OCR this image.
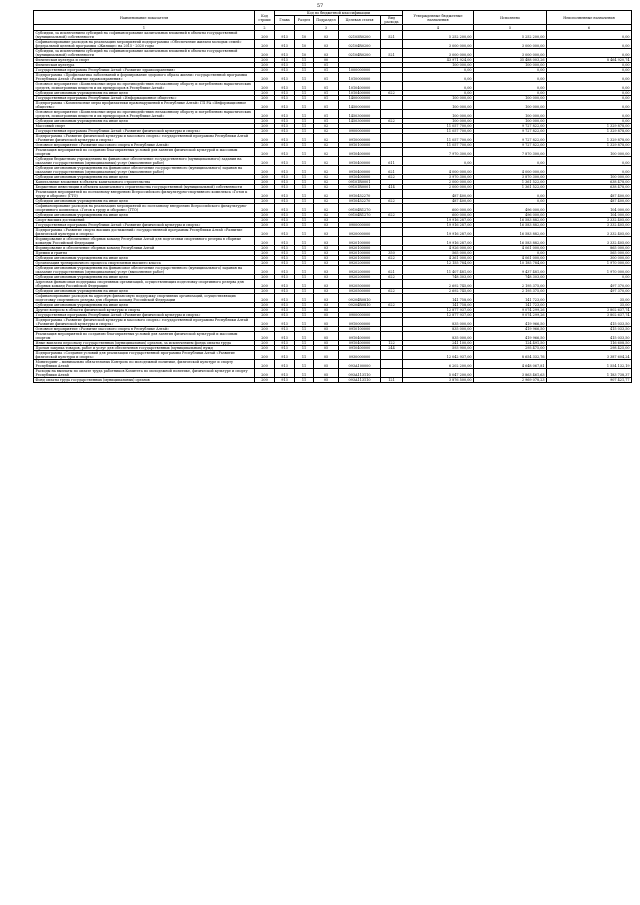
57
Наименование показателя	Код строки	Код по бюджетной классификации					Утвержденные бюджетные назначения	Исполнено	Неисполненные назначения
		Глава	Раздел	Подраздел	Целевая статья	Вид расхода			
1	2			3			4	5	6
Субсидии, за исключением субсидий на софинансирование капитальных вложений в объекты государственной (муниципальной) собственности	200	913	10	03	02105R0200	521	5 252 200,00	5 252 200,00	0,00
Софинансирование расходов на реализацию мероприятий подпрограммы «Обеспечение жильем молодых семей» федеральной целевой программы «Жилище» на 2015 - 2020 годы	200	913	10	03	02104R0200		3 000 000,00	3 000 000,00	0,00
Субсидии, за исключением субсидий на софинансирование капитальных вложений в объекты государственной (муниципальной) собственности	200	913	10	03	02104R0200	521	3 000 000,00	3 000 000,00	0,00
Физическая культура и спорт	200	913	11	00			43 971 924,00	35 488 003,26	8 464 920,74
Физическая культура	200	913	11	01			100 000,00	100 000,00	0,00
Государственная программа Республики Алтай «Развитие здравоохранения»	200	913	11	01	1000000000		0,00	0,00	0,00
Подпрограмма «Профилактика заболеваний и формирование здорового образа жизни» государственной программы Республики Алтай «Развитие здравоохранения»	200	913	11	01	1010000000		0,00	0,00	0,00
Основное мероприятие «Комплексные меры по противодействию незаконному обороту и потреблению наркотических средств, психотропных веществ и их прекурсоров в Республике Алтай»	200	913	11	01	1010400000		0,00	0,00	0,00
Субсидии автономным учреждениям на иные цели	200	913	11	01	1010400000	622	0,00	0,00	0,00
Государственная программа Республики Алтай «Информационное общество»	200	913	11	01	1400000000		100 000,00	100 000,00	0,00
Подпрограмма «Комплексные меры профилактики правонарушений в Республике Алтай» ГП РА «Информационное общество»	200	913	11	01	1450000000		100 000,00	100 000,00	0,00
Основное мероприятие «Комплексные меры по противодействию незаконному обороту и потреблению наркотических средств, психотропных веществ и их прекурсоров в Республике Алтай»	200	913	11	01	1450300000		100 000,00	100 000,00	0,00
Субсидии автономным учреждениям на иные цели	200	913	11	01	1450300000	622	100 000,00	100 000,00	0,00
Массовый спорт	200	913	11	02			11 057 700,00	9 727 822,00	1 329 878,00
Государственная программа Республики Алтай «Развитие физической культуры и спорта»	200	913	11	02	0900000000		11 057 700,00	9 727 822,00	1 329 878,00
Подпрограмма «Развитие физической культуры и массового спорта» государственной программы Республики Алтай «Развитие физической культуры и спорта»	200	913	11	02	0910000000		11 057 700,00	9 727 822,00	1 329 878,00
Основное мероприятие «Развитие массового спорта в Республике Алтай»	200	913	11	02	0910100000		11 057 700,00	9 727 822,00	1 329 878,00
Реализация мероприятий по созданию благоприятных условий для занятия физической культурой и массовым спортом	200	913	11	02	0910400000		7 970 300,00	7 870 300,00	100 000,00
Субсидии бюджетным учреждениям на финансовое обеспечение государственного (муниципального) задания на оказание государственных (муниципальных) услуг (выполнение работ)	200	913	11	02	0910400000	611	0,00	0,00	0,00
Субсидии автономным учреждениям на финансовое обеспечение государственного (муниципального) задания на оказание государственных (муниципальных) услуг (выполнение работ)	200	913	11	02	0910400000	621	4 000 000,00	4 000 000,00	0,00
Субсидии автономным учреждениям на иные цели	200	913	11	02	0910400000	622	3 970 300,00	3 870 300,00	100 000,00
Капитальные вложения в объекты капитального строительства	200	913	11	02	09101R0001		2 000 000,00	1 361 522,00	638 478,00
Бюджетные инвестиции в объекты капитального строительства государственной (муниципальной) собственности	200	913	11	02	09101R0001	414	2 000 000,00	1 361 522,00	638 478,00
Реализация мероприятий по поэтапному внедрению Всероссийского физкультурно-спортивного комплекса «Готов к труду и обороне» (ГТО)	200	913	11	02	0910452270		487 400,00	0,00	487 400,00
Субсидии автономным учреждениям на иные цели	200	913	11	02	0910452270	622	487 400,00	0,00	487 400,00
Софинансирование расходов на реализацию мероприятий по поэтапному внедрению Всероссийского физкультурно-спортивного комплекса «Готов к труду и обороне» (ГТО)	200	913	11	02	09104R1270		600 000,00	496 000,00	104 000,00
Субсидии автономным учреждениям на иные цели	200	913	11	02	09104R1270	622	600 000,00	496 000,00	104 000,00
Спорт высших достижений	200	913	11	03			19 916 287,00	16 583 882,00	3 332 405,00
Государственная программа Республики Алтай «Развитие физической культуры и спорта»	200	913	11	03	0900000000		19 916 287,00	16 583 882,00	3 332 405,00
Подпрограмма «Развитие спорта высших достижений» государственной программы Республики Алтай «Развитие физической культуры и спорта»	200	913	11	03	0920000000		19 916 287,00	16 583 882,00	3 332 405,00
Формирование и обеспечение сборных команд Республики Алтай для подготовки спортивного резерва в сборные команды Российской Федерации	200	913	11	03	0920100000		19 916 287,00	16 583 882,00	3 332 405,00
Формирование и обеспечение сборных команд Республики Алтай	200	913	11	03	0920100000		4 926 000,00	4 061 000,00	865 000,00
Премии и гранты	200	913	11	03	0920100000	350	565 000,00	0,00	565 000,00
Субсидии автономным учреждениям на иные цели	200	913	11	03	0920100000	622	4 361 000,00	4 061 000,00	300 000,00
Организация тренировочного процесса спортсменов высшего класса	200	913	11	03	0920200000		12 155 784,00	10 185 784,00	1 970 000,00
Субсидии автономным учреждениям на финансовое обеспечение государственного (муниципального) задания на оказание государственных (муниципальных) услуг (выполнение работ)	200	913	11	03	0920200000	621	11 407 481,00	9 437 481,00	1 970 000,00
Субсидии автономным учреждениям на иные цели	200	913	11	03	0920200000	622	748 303,00	748 303,00	0,00
Адресная финансовая поддержка спортивных организаций, осуществляющих подготовку спортивного резерва для сборных команд Российской Федерации	200	913	11	03	0920500000		2 692 745,00	2 195 375,00	497 370,00
Субсидии автономным учреждениям на иные цели	200	913	11	03	0920500000	622	2 692 745,00	2 195 375,00	497 370,00
Софинансирование расходов на адресную финансовую поддержку спортивных организаций, осуществляющих подготовку спортивного резерва для сборных команд Российской Федерации	200	913	11	03	09204R0810		141 758,00	141 723,00	35,00
Субсидии автономным учреждениям на иные цели	200	913	11	03	09204R0810	622	141 758,00	141 723,00	35,00
Другие вопросы в области физической культуры и спорта	200	913	11	05			12 877 937,00	9 074 299,26	3 802 637,74
Государственная программа Республики Алтай «Развитие физической культуры и спорта»	200	913	11	05	0900000000		12 877 937,00	9 074 299,26	3 802 637,74
Подпрограмма «Развитие физической культуры и массового спорта» государственной программы Республики Алтай «Развитие физической культуры и спорта»	200	913	11	05	0910000000		835 000,00	419 966,50	415 033,50
Основное мероприятие «Развитие массового спорта в Республике Алтай»	200	913	11	05	0910100000		835 000,00	419 966,50	415 033,50
Реализация мероприятий по созданию благоприятных условий для занятия физической культурой и массовым спортом	200	913	11	05	0910400000		835 000,00	419 966,50	415 033,50
Иные выплаты персоналу государственных (муниципальных) органов, за исключением фонда оплаты труда	200	913	11	05	0910400000	122	241 100,00	124 491,50	116 608,50
Прочая закупка товаров, работ и услуг для обеспечения государственных (муниципальных) нужд	200	913	11	05	0910400000	244	593 900,00	295 475,00	298 425,00
Подпрограмма «Создание условий для реализации государственной программы Республики Алтай «Развитие физической культуры и спорта»	200	913	11	05	0930000000		12 042 937,00	8 654 332,76	3 387 604,24
Мониторинг – минимально обязательных Контроль по молодежной политике, физической культуре и спорту Республики Алтай	200	913	11	05	093А100000		6 202 200,00	4 648 067,81	1 554 132,19
Расходы на выплаты по оплате труда работников Комитета по молодежной политике, физической культуре и спорту Республики Алтай	200	913	11	05	093А113110		5 047 200,00	3 863 461,63	1 183 738,37
Фонд оплаты труда государственных (муниципальных) органов	200	913	11	05	093А113110	121	3 876 500,00	2 969 078,23	907 421,77
